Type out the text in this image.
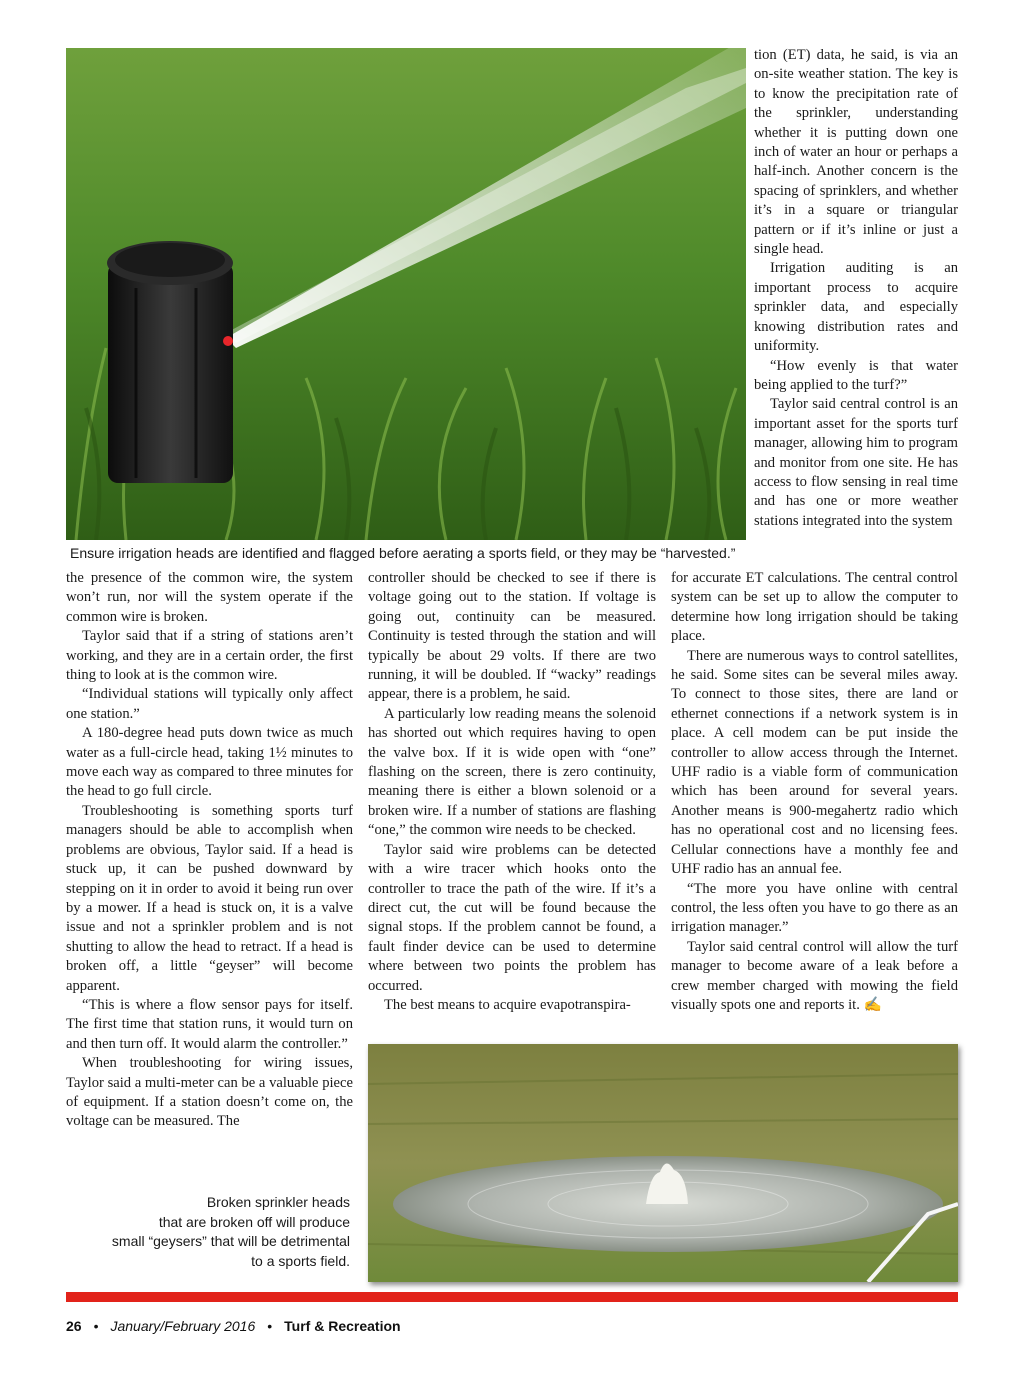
Ensure irrigation heads are identified and flagged before aerating a sports field, or they may be “harvested.”

tion (ET) data, he said, is via an on-site weather station. The key is to know the precipitation rate of the sprinkler, understanding whether it is putting down one inch of water an hour or perhaps a half-inch. Another concern is the spacing of sprinklers, and whether it’s in a square or triangular pattern or if it’s inline or just a single head.

Irrigation auditing is an important process to acquire sprinkler data, and especially knowing distribution rates and uniformity.

“How evenly is that water being applied to the turf?”

Taylor said central control is an important asset for the sports turf manager, allowing him to program and monitor from one site. He has access to flow sensing in real time and has one or more weather stations integrated into the system

the presence of the common wire, the system won’t run, nor will the system operate if the common wire is broken.

Taylor said that if a string of stations aren’t working, and they are in a certain order, the first thing to look at is the common wire.

“Individual stations will typically only affect one station.”

A 180-degree head puts down twice as much water as a full-circle head, taking 1½ minutes to move each way as compared to three minutes for the head to go full circle.

Troubleshooting is something sports turf managers should be able to accomplish when problems are obvious, Taylor said. If a head is stuck up, it can be pushed downward by stepping on it in order to avoid it being run over by a mower. If a head is stuck on, it is a valve issue and not a sprinkler problem and is not shutting to allow the head to retract. If a head is broken off, a little “geyser” will become apparent.

“This is where a flow sensor pays for itself. The first time that station runs, it would turn on and then turn off. It would alarm the controller.”

When troubleshooting for wiring issues, Taylor said a multi-meter can be a valuable piece of equipment. If a station doesn’t come on, the voltage can be measured. The

controller should be checked to see if there is voltage going out to the station. If voltage is going out, continuity can be measured. Continuity is tested through the station and will typically be about 29 volts. If there are two running, it will be doubled. If “wacky” readings appear, there is a problem, he said.

A particularly low reading means the solenoid has shorted out which requires having to open the valve box. If it is wide open with “one” flashing on the screen, there is zero continuity, meaning there is either a blown solenoid or a broken wire. If a number of stations are flashing “one,” the common wire needs to be checked.

Taylor said wire problems can be detected with a wire tracer which hooks onto the controller to trace the path of the wire. If it’s a direct cut, the cut will be found because the signal stops. If the problem cannot be found, a fault finder device can be used to determine where between two points the problem has occurred.

The best means to acquire evapotranspira-

for accurate ET calculations. The central control system can be set up to allow the computer to determine how long irrigation should be taking place.

There are numerous ways to control satellites, he said. Some sites can be several miles away. To connect to those sites, there are land or ethernet connections if a network system is in place. A cell modem can be put inside the controller to allow access through the Internet. UHF radio is a viable form of communication which has been around for several years. Another means is 900-megahertz radio which has no operational cost and no licensing fees. Cellular connections have a monthly fee and UHF radio has an annual fee.

“The more you have online with central control, the less often you have to go there as an irrigation manager.”

Taylor said central control will allow the turf manager to become aware of a leak before a crew member charged with mowing the field visually spots one and reports it. ✍

Broken sprinkler heads
that are broken off will produce
small “geysers” that will be detrimental
to a sports field.
26 • January/February 2016 • Turf & Recreation
